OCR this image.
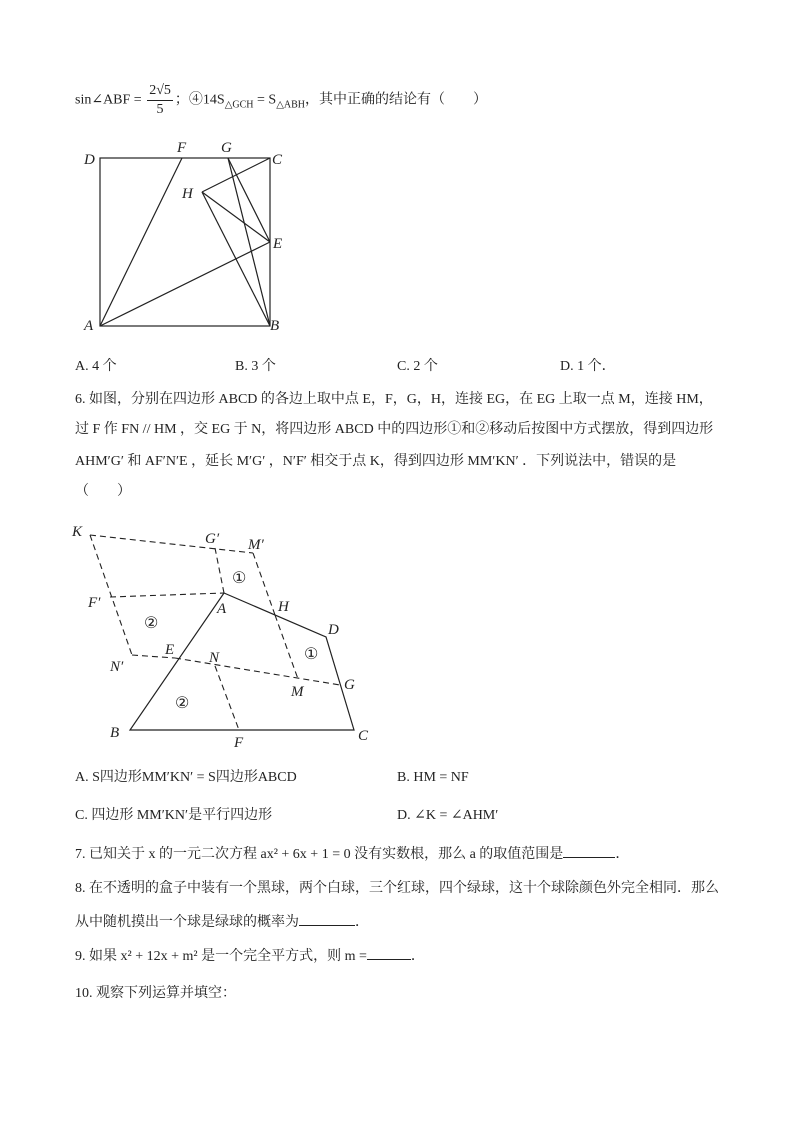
sin∠ABF = $\frac{2√5}{5}$ ；$④14S_{\triangle GCH} = S_{\triangle ABH}$，其中正确的结论有（　　）
D
F G
C
H
E
A	B
A. 4 个	B. 3 个	C. 2 个	D. 1 个．
6. 如图，分别在四边形 ABCD 的各边上取中点 E，F，G，H，连接 EG，在 EG 上取一点 M，连接 HM，
过 F 作 FN // HM ，交 EG 于 N，将四边形 ABCD 中的四边形①和②移动后按图中方式摆放，得到四边形
AHM′G′ 和 AF′N′E ，延长 M′G′ ，N′F′ 相交于点 K，得到四边形 MM′KN′ ．下列说法中，错误的是
（　　）
K	G′ M′
F′	A	H
D
E N
N′
M	G
B	C
F
①
①
②
②
A. S四边形MM′KN′ = S四边形ABCD	B. HM = NF
C. 四边形 MM′KN′是平行四边形	D. ∠K = ∠AHM′
7. 已知关于 x 的一元二次方程 ax² + 6x + 1 = 0 没有实数根，那么 a 的取值范围是	．
8. 在不透明的盒子中装有一个黑球，两个白球，三个红球，四个绿球，这十个球除颜色外完全相同．那么
从中随机摸出一个球是绿球的概率为	．
9. 如果 x² + 12x + m² 是一个完全平方式，则 m =	．
10. 观察下列运算并填空：
